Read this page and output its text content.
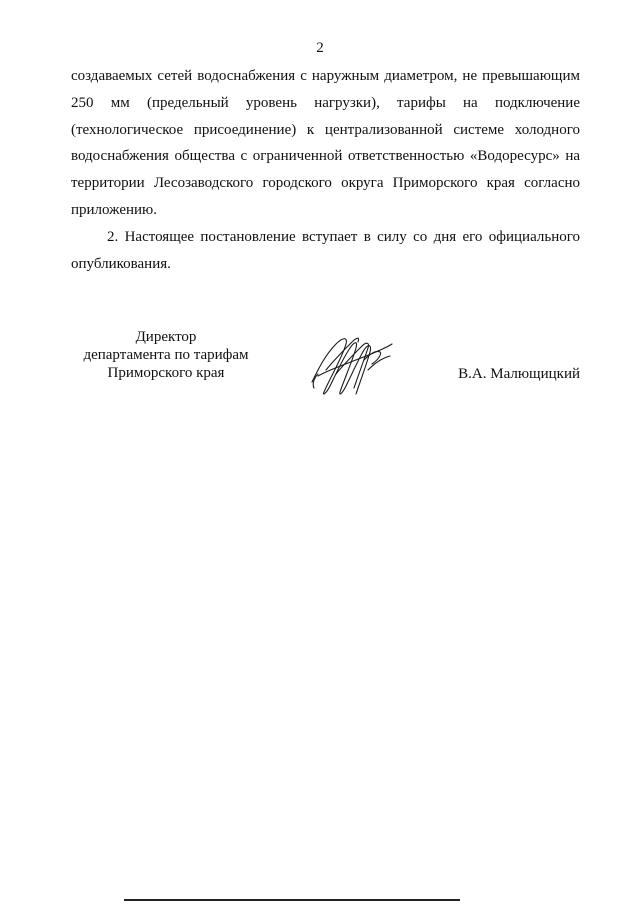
2

создаваемых сетей водоснабжения с наружным диаметром, не превышающим
250 мм (предельный уровень нагрузки), тарифы на подключение
(технологическое присоединение) к централизованной системе холодного
водоснабжения общества с ограниченной ответственностью «Водоресурс» на
территории Лесозаводского городского округа Приморского края согласно
приложению.

2. Настоящее постановление вступает в силу со дня его официального
опубликования.

Директор
департамента по тарифам
Приморского края	В.А. Малющицкий
